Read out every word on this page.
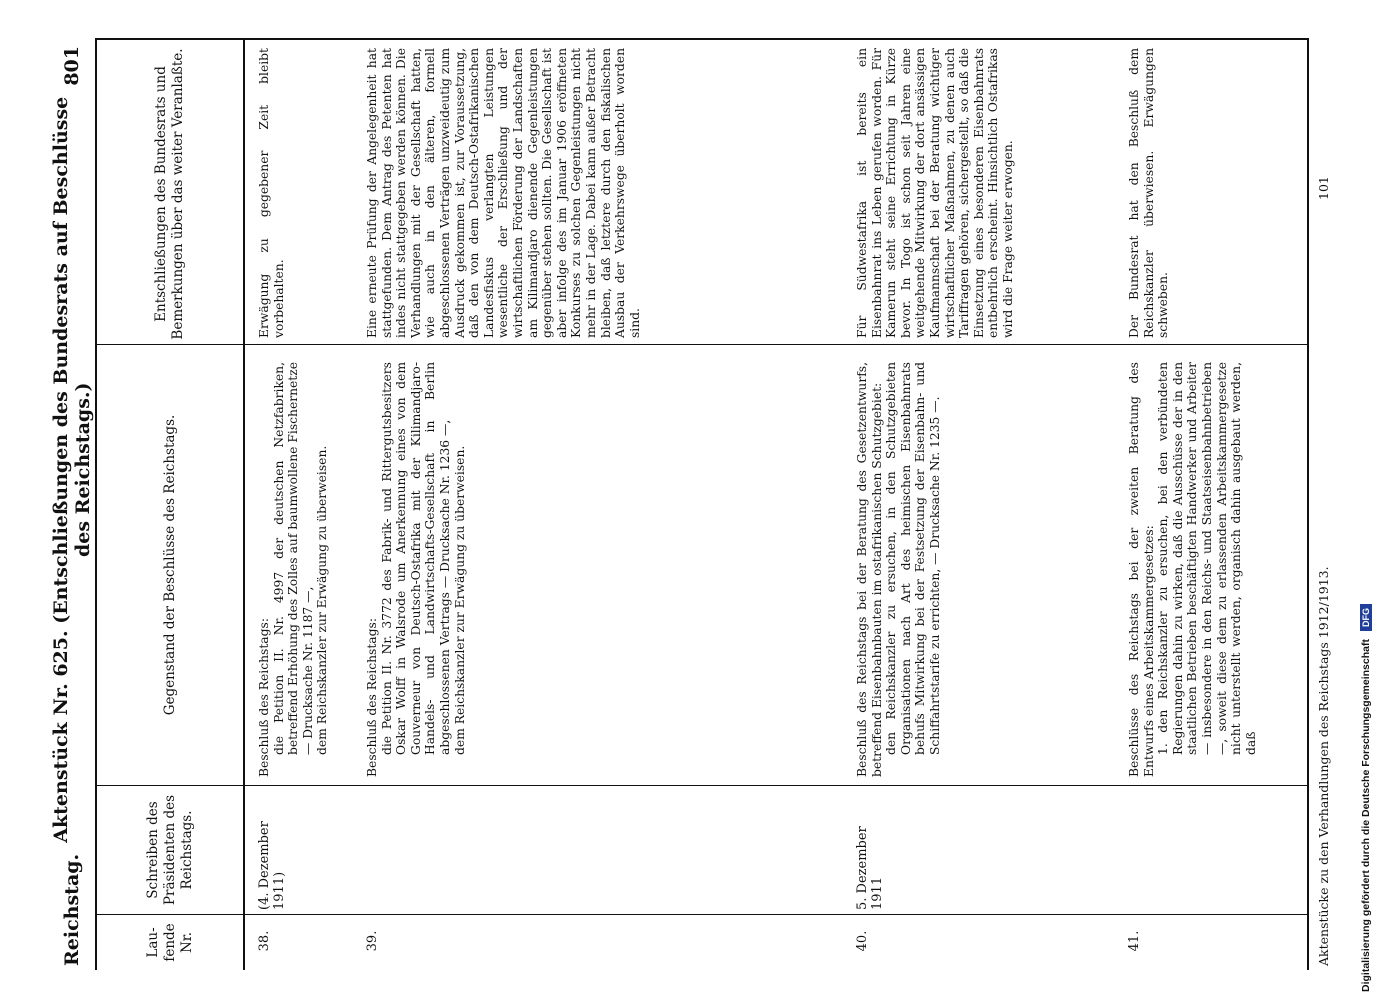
Reichstag.
Aktenstück Nr. 625. (Entschließungen des Bundesrats auf Beschlüsse des Reichstags.)
801
Lau-fende Nr.
Schreiben des Präsidenten des Reichstags.
Gegenstand der Beschlüsse des Reichstags.
Entschließungen des Bundesrats und Bemerkungen über das weiter Veranlaßte.
38.
(4. Dezember 1911)

Beschluß des Reichstags: die Petition II. Nr. 4997 der deutschen Netzfabriken, betreffend Erhöhung des Zolles auf baumwollene Fischernetze — Drucksache Nr. 1187 —, dem Reichskanzler zur Erwägung zu überweisen.

Erwägung zu gegebener Zeit bleibt vorbehalten.
39.

Beschluß des Reichstags: die Petition II. Nr. 3772 des Fabrik- und Rittergutsbesitzers Oskar Wolff in Walsrode um Anerkennung eines von dem Gouverneur von Deutsch-Ostafrika mit der Kilimandjaro-Handels- und Landwirtschafts-Gesellschaft in Berlin abgeschlossenen Vertrags — Drucksache Nr. 1236 —, dem Reichskanzler zur Erwägung zu überweisen.

Eine erneute Prüfung der Angelegenheit hat stattgefunden. Dem Antrag des Petenten hat indes nicht stattgegeben werden können. Die Verhandlungen mit der Gesellschaft hatten, wie auch in den älteren, formell abgeschlossenen Verträgen unzweideutig zum Ausdruck gekommen ist, zur Voraussetzung, daß den von dem Deutsch-Ostafrikanischen Landesfiskus verlangten Leistungen wesentliche der Erschließung und der wirtschaftlichen Förderung der Landschaften am Kilimandjaro dienende Gegenleistungen gegenüber stehen sollten. Die Gesellschaft ist aber infolge des im Januar 1906 eröffneten Konkurses zu solchen Gegenleistungen nicht mehr in der Lage. Dabei kann außer Betracht bleiben, daß letztere durch den fiskalischen Ausbau der Verkehrswege überholt worden sind.
40.
5. Dezember 1911

Beschluß des Reichstags bei der Beratung des Gesetzentwurfs, betreffend Eisenbahnbauten im ostafrikanischen Schutzgebiet: den Reichskanzler zu ersuchen, in den Schutzgebieten Organisationen nach Art des heimischen Eisenbahnrats behufs Mitwirkung bei der Festsetzung der Eisenbahn- und Schiffahrtstarife zu errichten, — Drucksache Nr. 1235 —.

Für Südwestafrika ist bereits ein Eisenbahnrat ins Leben gerufen worden. Für Kamerun steht seine Errichtung in Kürze bevor. In Togo ist schon seit Jahren eine weitgehende Mitwirkung der dort ansässigen Kaufmannschaft bei der Beratung wichtiger wirtschaftlicher Maßnahmen, zu denen auch Tariffragen gehören, sichergestellt, so daß die Einsetzung eines besonderen Eisenbahnrats entbehrlich erscheint. Hinsichtlich Ostafrikas wird die Frage weiter erwogen.
41.

Beschlüsse des Reichstags bei der zweiten Beratung des Entwurfs eines Arbeitskammergesetzes: 1. den Reichskanzler zu ersuchen, bei den verbündeten Regierungen dahin zu wirken, daß die Ausschüsse der in den staatlichen Betrieben beschäftigten Handwerker und Arbeiter — insbesondere in den Reichs- und Staatseisenbahnbetrieben —, soweit diese dem zu erlassenden Arbeitskammergesetze nicht unterstellt werden, organisch dahin ausgebaut werden, daß

Der Bundesrat hat den Beschluß dem Reichskanzler überwiesen. Erwägungen schweben.
Aktenstücke zu den Verhandlungen des Reichstags 1912/1913.
101
Digitalisierung gefördert durch die Deutsche Forschungsgemeinschaft
DFG
